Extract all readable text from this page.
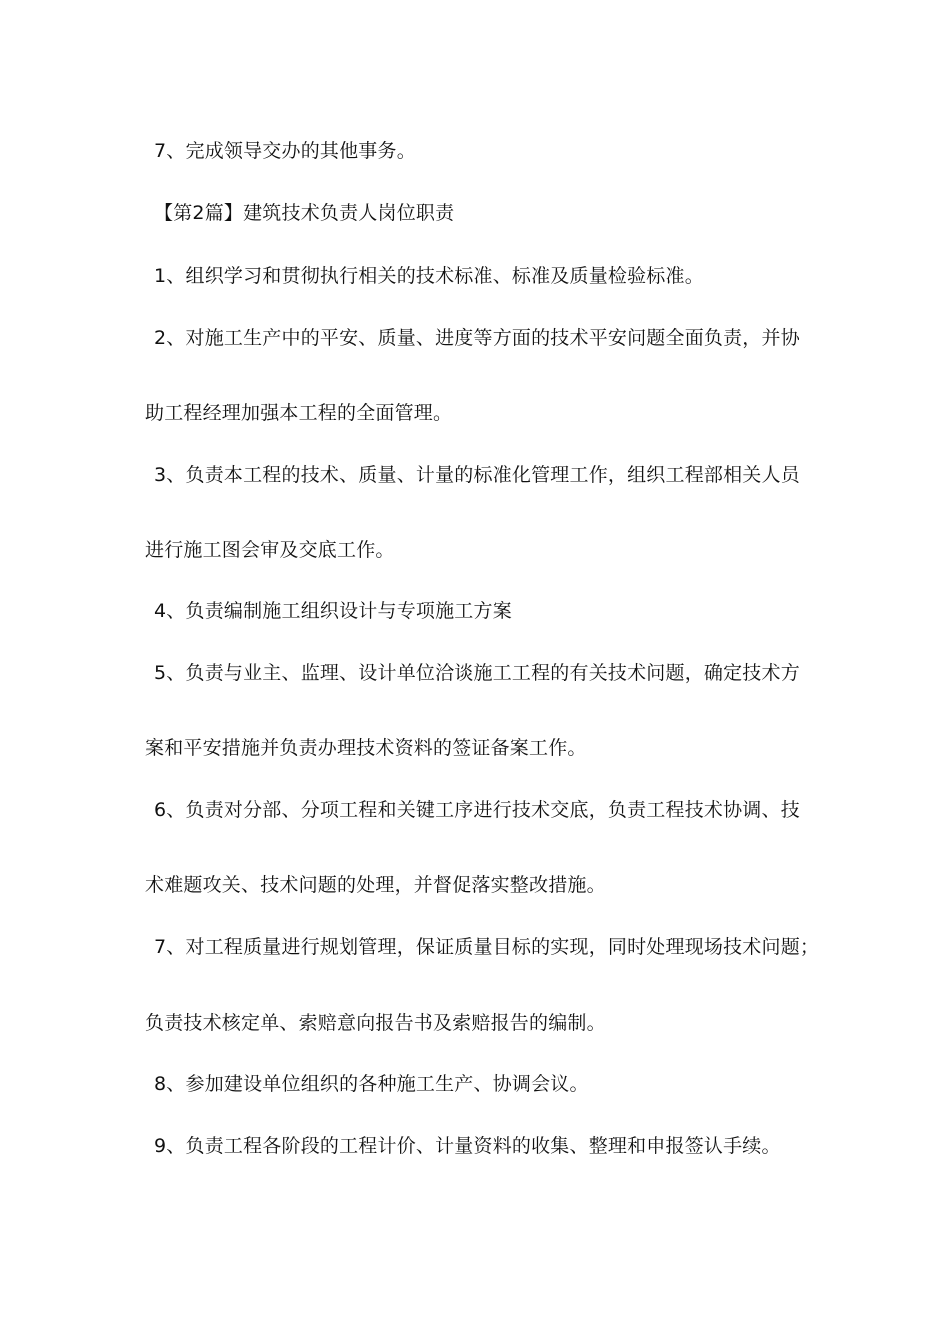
7、完成领导交办的其他事务。
【第2篇】建筑技术负责人岗位职责
1、组织学习和贯彻执行相关的技术标准、标准及质量检验标准。
2、对施工生产中的平安、质量、进度等方面的技术平安问题全面负责，并协
助工程经理加强本工程的全面管理。
3、负责本工程的技术、质量、计量的标准化管理工作，组织工程部相关人员
进行施工图会审及交底工作。
4、负责编制施工组织设计与专项施工方案
5、负责与业主、监理、设计单位洽谈施工工程的有关技术问题，确定技术方
案和平安措施并负责办理技术资料的签证备案工作。
6、负责对分部、分项工程和关键工序进行技术交底，负责工程技术协调、技
术难题攻关、技术问题的处理，并督促落实整改措施。
7、对工程质量进行规划管理，保证质量目标的实现，同时处理现场技术问题；
负责技术核定单、索赔意向报告书及索赔报告的编制。
8、参加建设单位组织的各种施工生产、协调会议。
9、负责工程各阶段的工程计价、计量资料的收集、整理和申报签认手续。
